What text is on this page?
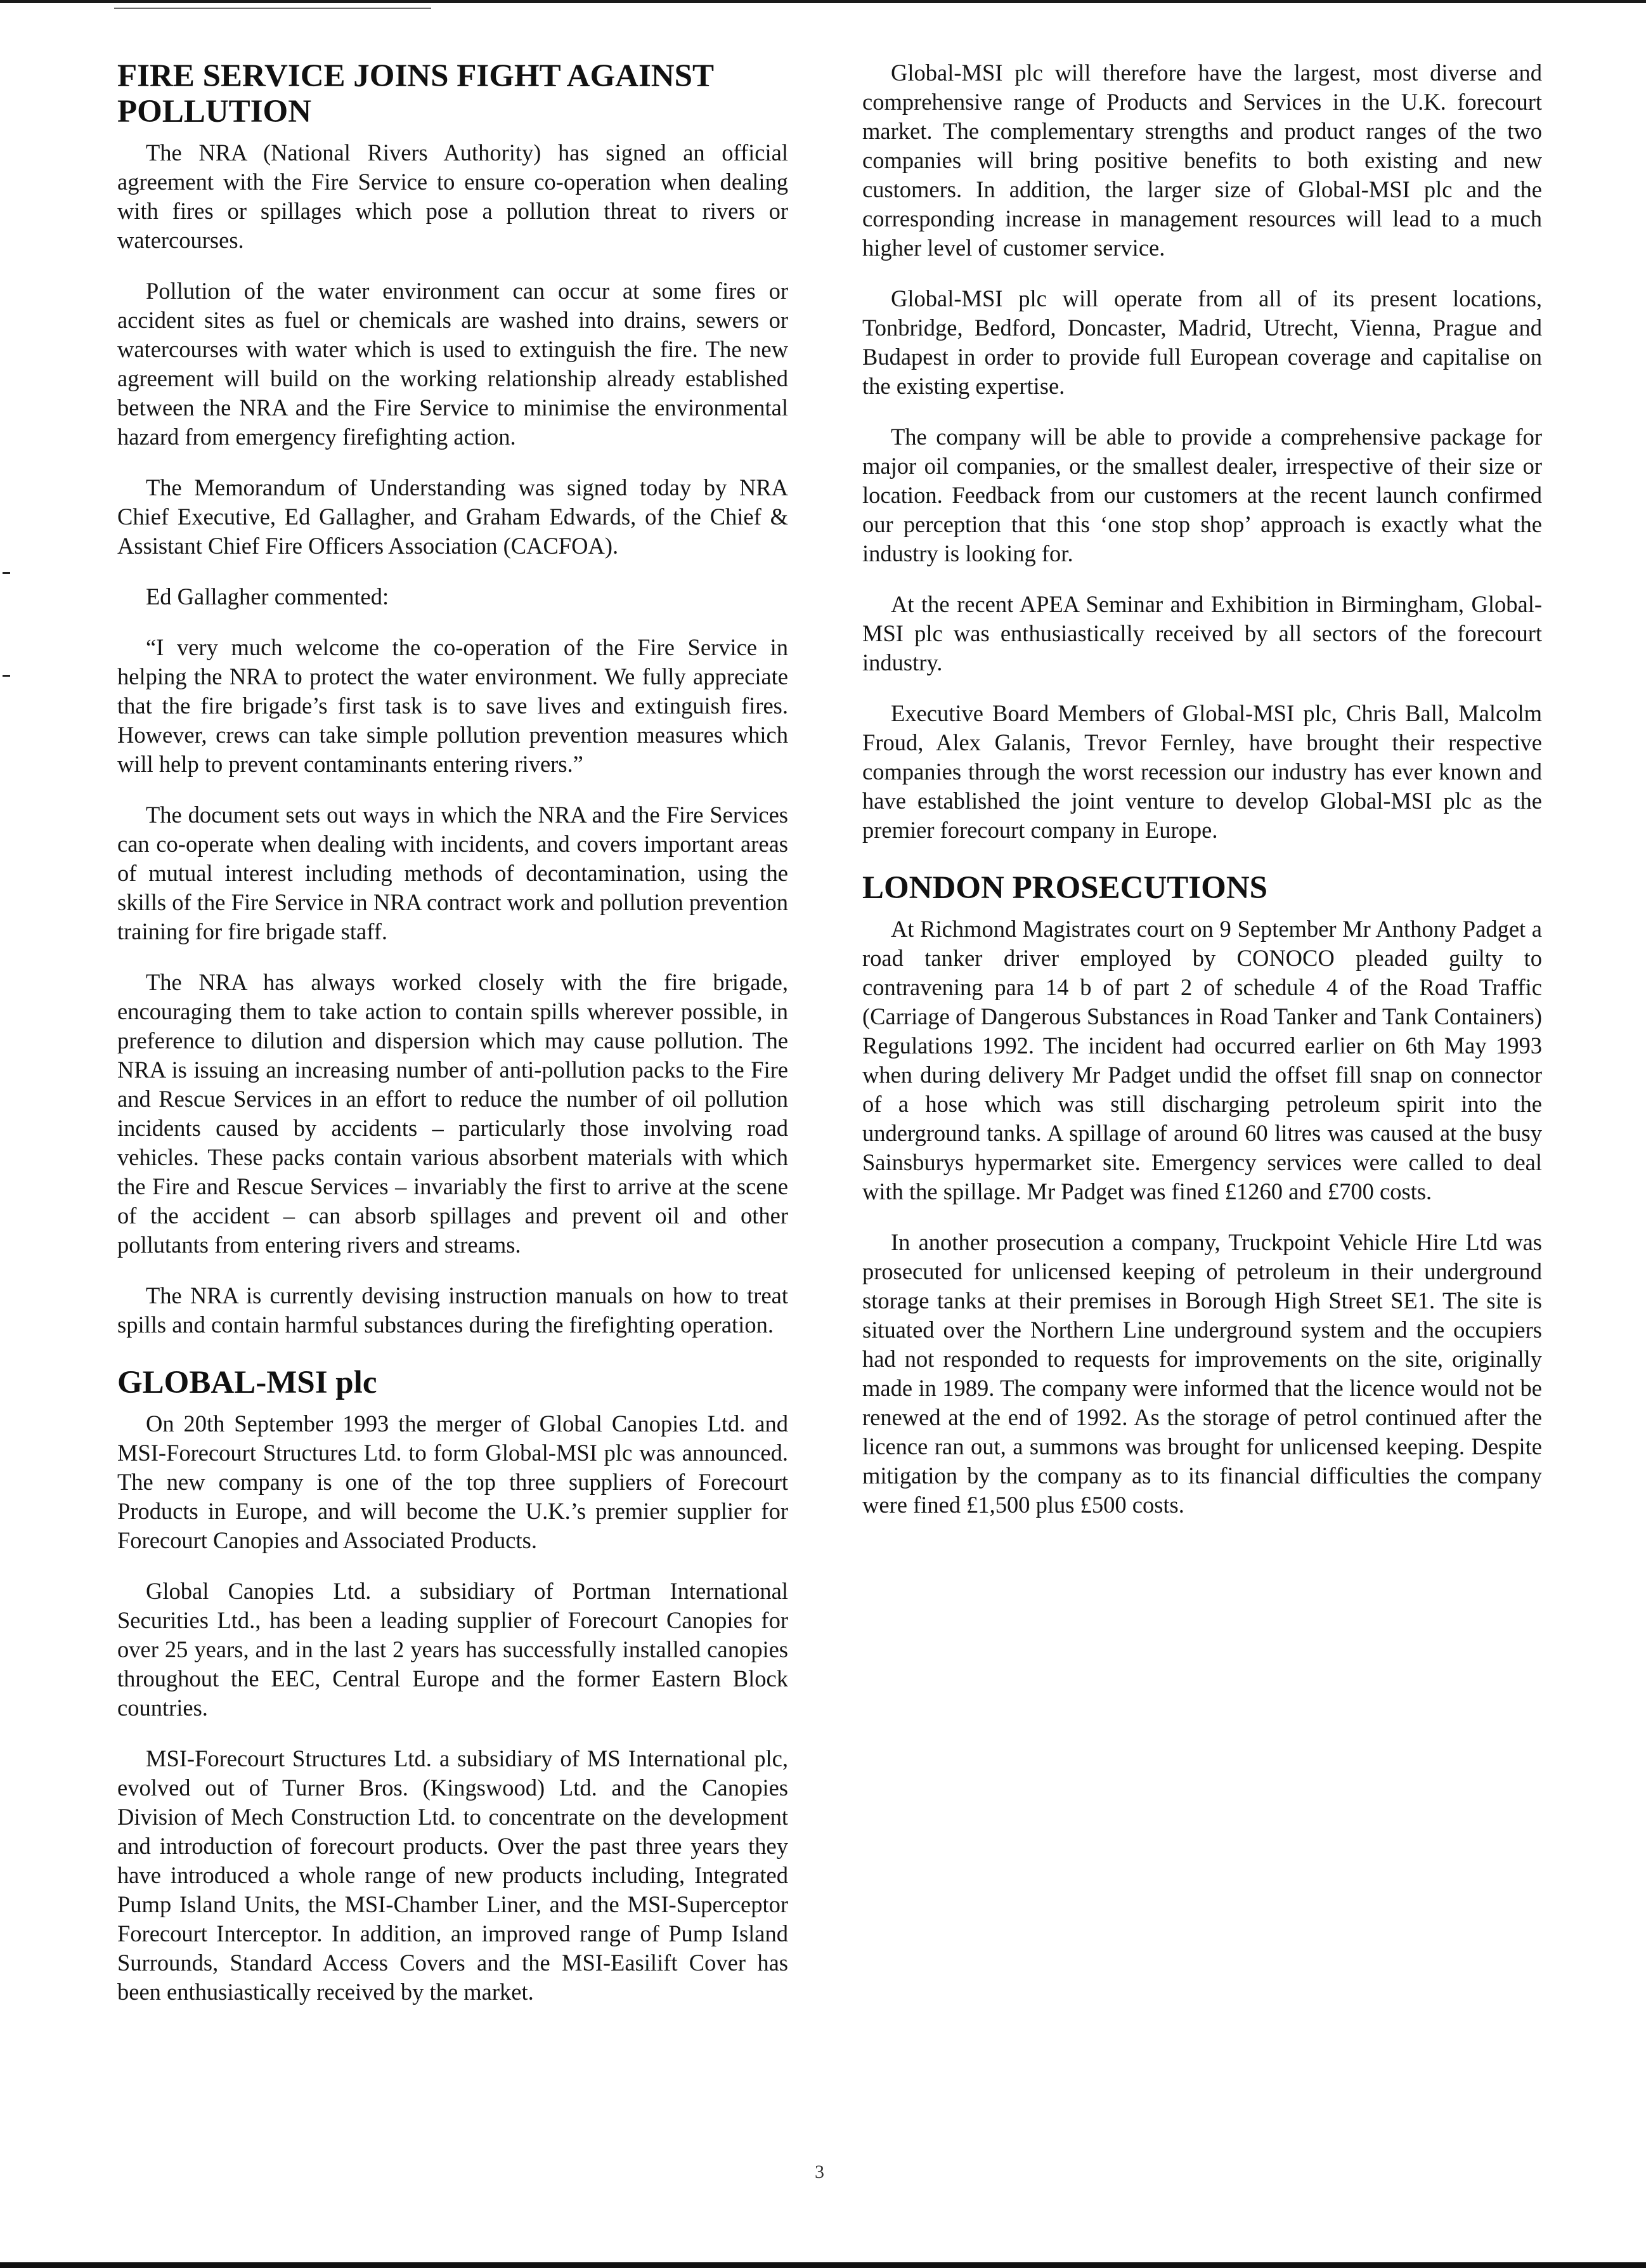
FIRE SERVICE JOINS FIGHT AGAINST POLLUTION

The NRA (National Rivers Authority) has signed an official agreement with the Fire Service to ensure co-operation when dealing with fires or spillages which pose a pollution threat to rivers or watercourses.

Pollution of the water environment can occur at some fires or accident sites as fuel or chemicals are washed into drains, sewers or watercourses with water which is used to extinguish the fire. The new agreement will build on the working relationship already established between the NRA and the Fire Service to minimise the environmental hazard from emergency firefighting action.

The Memorandum of Understanding was signed today by NRA Chief Executive, Ed Gallagher, and Graham Edwards, of the Chief & Assistant Chief Fire Officers Association (CACFOA).

Ed Gallagher commented:

“I very much welcome the co-operation of the Fire Service in helping the NRA to protect the water environment. We fully appreciate that the fire brigade’s first task is to save lives and extinguish fires. However, crews can take simple pollution prevention measures which will help to prevent contaminants entering rivers.”

The document sets out ways in which the NRA and the Fire Services can co-operate when dealing with incidents, and covers important areas of mutual interest including methods of decontamination, using the skills of the Fire Service in NRA contract work and pollution prevention training for fire brigade staff.

The NRA has always worked closely with the fire brigade, encouraging them to take action to contain spills wherever possible, in preference to dilution and dispersion which may cause pollution. The NRA is issuing an increasing number of anti-pollution packs to the Fire and Rescue Services in an effort to reduce the number of oil pollution incidents caused by accidents – particularly those involving road vehicles. These packs contain various absorbent materials with which the Fire and Rescue Services – invariably the first to arrive at the scene of the accident – can absorb spillages and prevent oil and other pollutants from entering rivers and streams.

The NRA is currently devising instruction manuals on how to treat spills and contain harmful substances during the firefighting operation.

GLOBAL-MSI plc

On 20th September 1993 the merger of Global Canopies Ltd. and MSI-Forecourt Structures Ltd. to form Global-MSI plc was announced. The new company is one of the top three suppliers of Forecourt Products in Europe, and will become the U.K.’s premier supplier for Forecourt Canopies and Associated Products.

Global Canopies Ltd. a subsidiary of Portman International Securities Ltd., has been a leading supplier of Forecourt Canopies for over 25 years, and in the last 2 years has successfully installed canopies throughout the EEC, Central Europe and the former Eastern Block countries.

MSI-Forecourt Structures Ltd. a subsidiary of MS International plc, evolved out of Turner Bros. (Kingswood) Ltd. and the Canopies Division of Mech Construction Ltd. to concentrate on the development and introduction of forecourt products. Over the past three years they have introduced a whole range of new products including, Integrated Pump Island Units, the MSI-Chamber Liner, and the MSI-Superceptor Forecourt Interceptor. In addition, an improved range of Pump Island Surrounds, Standard Access Covers and the MSI-Easilift Cover has been enthusiastically received by the market.

Global-MSI plc will therefore have the largest, most diverse and comprehensive range of Products and Services in the U.K. forecourt market. The complementary strengths and product ranges of the two companies will bring positive benefits to both existing and new customers. In addition, the larger size of Global-MSI plc and the corresponding increase in management resources will lead to a much higher level of customer service.

Global-MSI plc will operate from all of its present locations, Tonbridge, Bedford, Doncaster, Madrid, Utrecht, Vienna, Prague and Budapest in order to provide full European coverage and capitalise on the existing expertise.

The company will be able to provide a comprehensive package for major oil companies, or the smallest dealer, irrespective of their size or location. Feedback from our customers at the recent launch confirmed our perception that this ‘one stop shop’ approach is exactly what the industry is looking for.

At the recent APEA Seminar and Exhibition in Birmingham, Global-MSI plc was enthusiastically received by all sectors of the forecourt industry.

Executive Board Members of Global-MSI plc, Chris Ball, Malcolm Froud, Alex Galanis, Trevor Fernley, have brought their respective companies through the worst recession our industry has ever known and have established the joint venture to develop Global-MSI plc as the premier forecourt company in Europe.

LONDON PROSECUTIONS

At Richmond Magistrates court on 9 September Mr Anthony Padget a road tanker driver employed by CONOCO pleaded guilty to contravening para 14 b of part 2 of schedule 4 of the Road Traffic (Carriage of Dangerous Substances in Road Tanker and Tank Containers) Regulations 1992. The incident had occurred earlier on 6th May 1993 when during delivery Mr Padget undid the offset fill snap on connector of a hose which was still discharging petroleum spirit into the underground tanks. A spillage of around 60 litres was caused at the busy Sainsburys hypermarket site. Emergency services were called to deal with the spillage. Mr Padget was fined £1260 and £700 costs.

In another prosecution a company, Truckpoint Vehicle Hire Ltd was prosecuted for unlicensed keeping of petroleum in their underground storage tanks at their premises in Borough High Street SE1. The site is situated over the Northern Line underground system and the occupiers had not responded to requests for improvements on the site, originally made in 1989. The company were informed that the licence would not be renewed at the end of 1992. As the storage of petrol continued after the licence ran out, a summons was brought for unlicensed keeping. Despite mitigation by the company as to its financial difficulties the company were fined £1,500 plus £500 costs.

3
